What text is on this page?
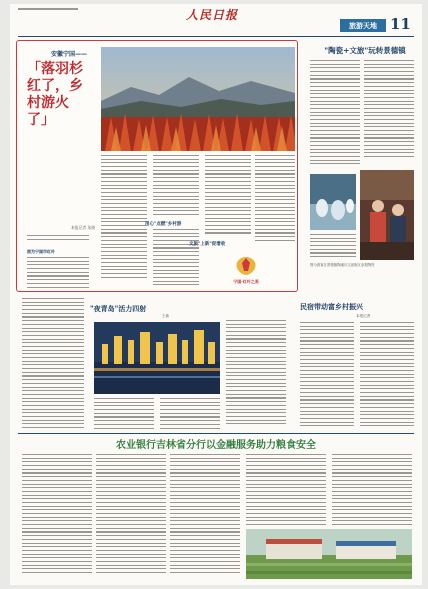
人民日报
旅游天地 11
安徽宁国——
「落羽杉红了，乡村游火了」
本报记者 朱晓
图为宁国市红叶
用心"点燃"乡村游
文旅"上新"促增收
宁国·红叶之美
"陶瓷+文旅"玩转景德镇
图为游客在景德镇陶溪川文创街区参观陶瓷
"夜青岛"活力四射
王新
民宿带动富乡村振兴
本报记者
农业银行吉林省分行以金融服务助力粮食安全
